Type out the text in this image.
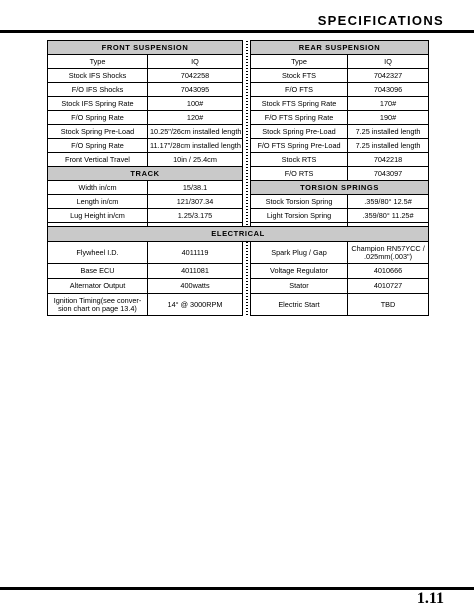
SPECIFICATIONS
FRONT SUSPENSION			REAR SUSPENSION	
Type	IQ		Type	IQ
Stock IFS Shocks	7042258		Stock FTS	7042327
F/O IFS Shocks	7043095		F/O FTS	7043096
Stock IFS Spring Rate	100#		Stock FTS Spring Rate	170#
F/O Spring Rate	120#		F/O FTS Spring Rate	190#
Stock Spring Pre-Load	10.25"/26cm installed length		Stock Spring Pre-Load	7.25 installed length
F/O Spring Rate	11.17"/28cm installed length		F/O FTS Spring Pre-Load	7.25 installed length
Front Vertical Travel	10in / 25.4cm		Stock RTS	7042218
TRACK			F/O RTS	7043097
Width in/cm	15/38.1		TORSION SPRINGS	
Length in/cm	121/307.34		Stock Torsion Spring	.359/80° 12.5#
Lug Height in/cm	1.25/3.175		Light Torsion Spring	.359/80° 11.25#

ELECTRICAL				
Flywheel I.D.	4011119		Spark Plug / Gap	Champion RN57YCC / .025mm(.003")
Base ECU	4011081		Voltage Regulator	4010666
Alternator Output	400watts		Stator	4010727
Ignition Timing(see conver-sion chart on page 13.4)	14° @ 3000RPM		Electric Start	TBD
1.11
